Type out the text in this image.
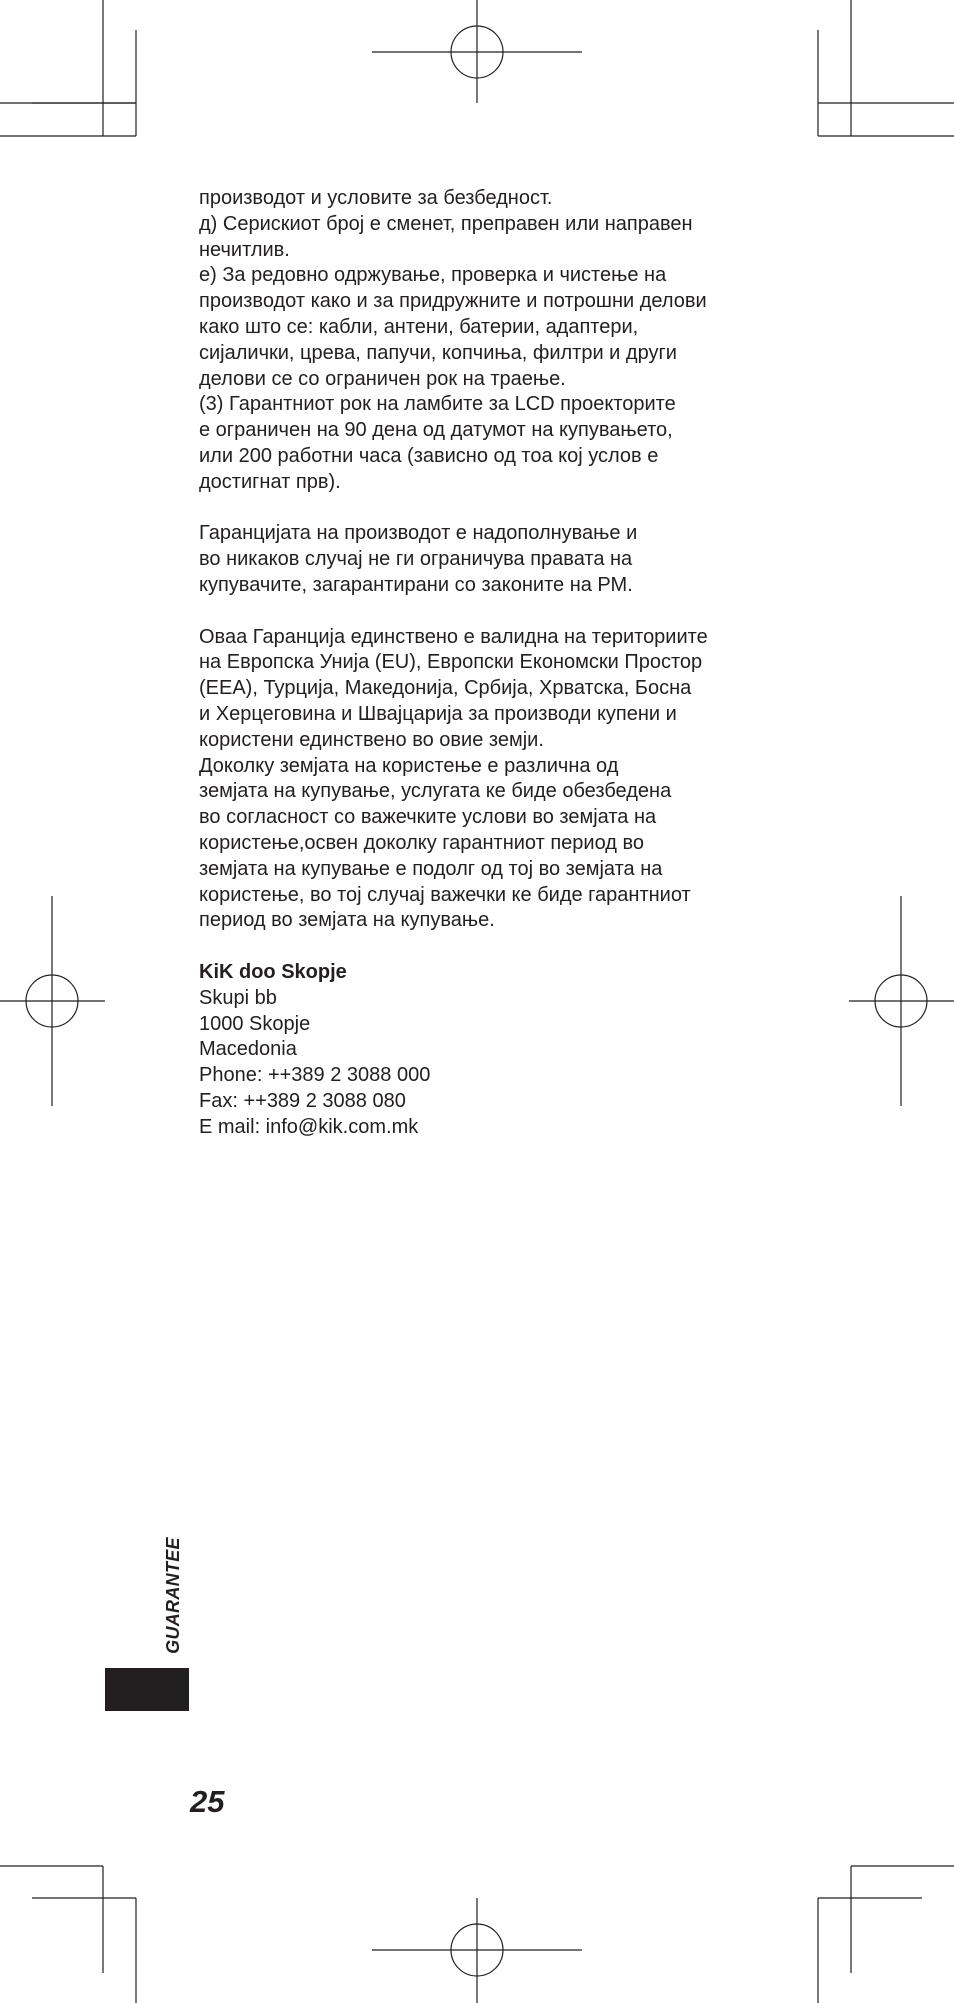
производот и условите за безбедност.
д) Серискиот број е сменет, преправен или направен
нечитлив.
е) За редовно одржување, проверка и чистење на
производот како и за придружните и потрошни делови
како што се: кабли, антени, батерии, адаптери,
сијалички, црева, папучи, копчиња, филтри и други
делови се со ограничен рок на траење.
(3) Гарантниот рок на ламбите за LCD проекторите
е ограничен на 90 дена од датумот на купувањето,
или 200 работни часа (зависно од тоа кој услов е
достигнат прв).
Гаранцијата на производот е надополнување и
во никаков случај не ги ограничува правата на
купувачите, загарантирани со законите на РМ.
Оваа Гаранција единствено е валидна на териториите
на Европска Унија (EU), Европски Економски Простор
(EEA), Турција, Македонија, Србија, Хрватска, Босна
и Херцеговина и Швајцарија за производи купени и
користени единствено во овие земји.
Доколку земјата на користење е различна од
земјата на купување, услугата ке биде обезбедена
во согласност со важечките услови во земјата на
користење,освен доколку гарантниот период во
земјата на купување е подолг од тој во земјата на
користење, во тој случај важечки ке биде гарантниот
период во земјата на купување.
KiK doo Skopje
Skupi bb
1000 Skopje
Macedonia
Phone: ++389 2 3088 000
Fax: ++389 2 3088 080
E mail: info@kik.com.mk
GUARANTEE
25
